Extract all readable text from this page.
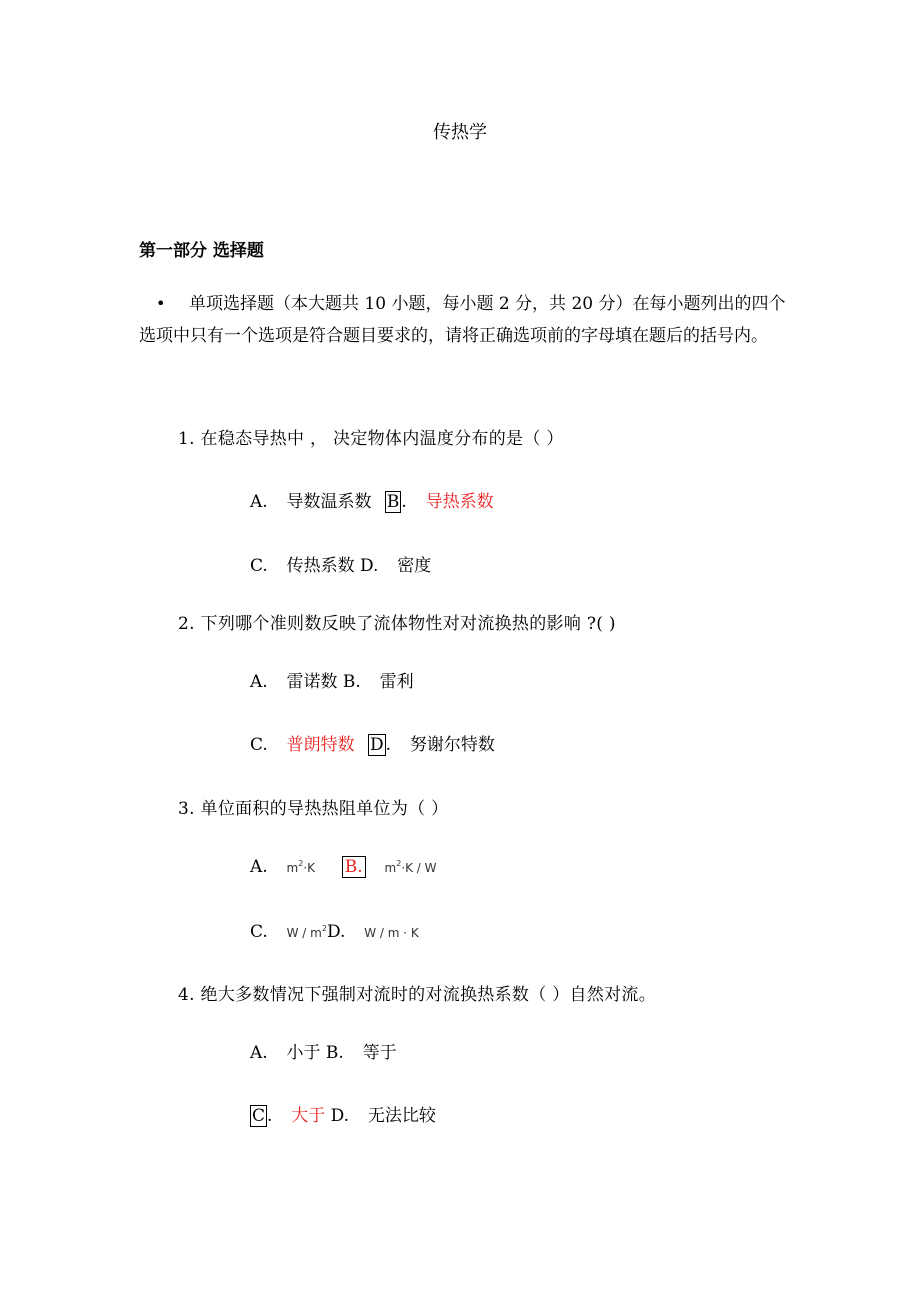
传热学
第一部分 选择题
•	单项选择题（本大题共 10 小题，每小题 2 分，共 20 分）在每小题列出的四个选项中只有一个选项是符合题目要求的，请将正确选项前的字母填在题后的括号内。
1. 在稳态导热中 ， 决定物体内温度分布的是（ ）
A. 导数温系数 B . 导热系数
C. 传热系数 D. 密度
2. 下列哪个准则数反映了流体物性对对流换热的影响 ?( )
A. 雷诺数 B. 雷利
C. 普朗特数 D . 努谢尔特数
3. 单位面积的导热热阻单位为（ ）
A. $m^2\cdot K$ B. $m^2\cdot K / W$
C. W / $m^2D$. W / m · K
4. 绝大多数情况下强制对流时的对流换热系数（ ）自然对流。
A. 小于 B. 等于
C . 大于 D. 无法比较
